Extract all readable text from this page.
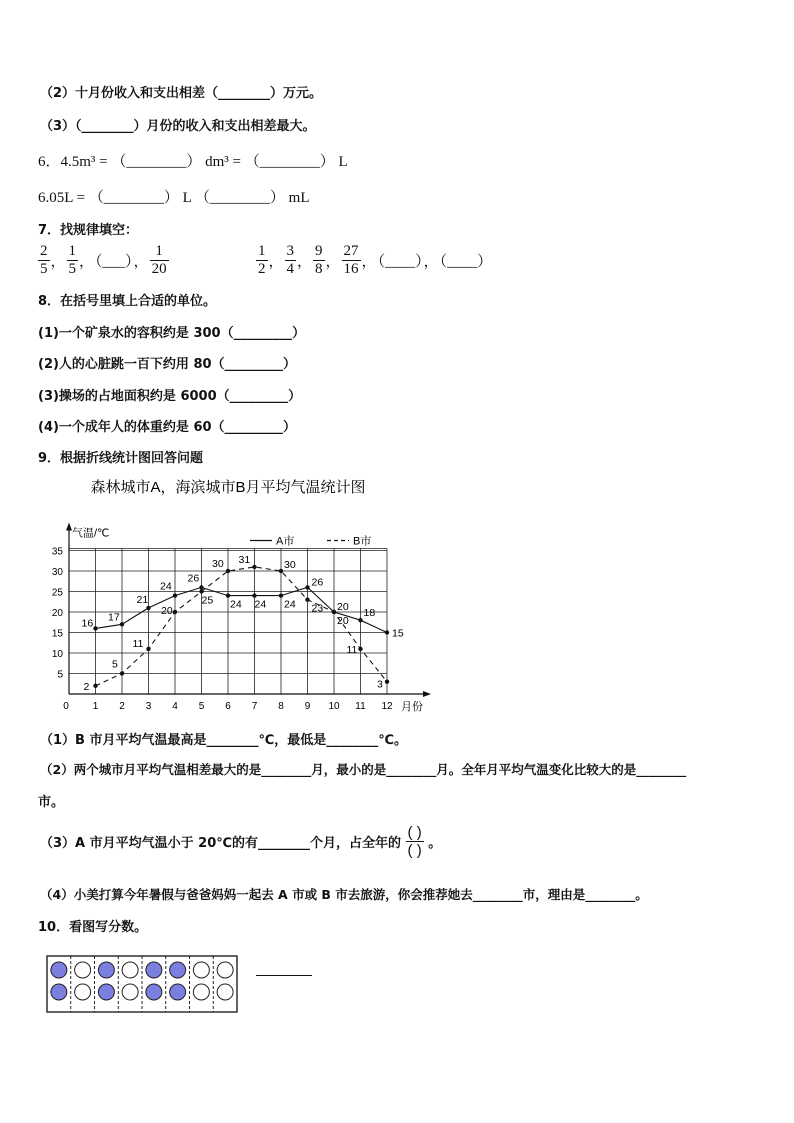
（2）十月份收入和支出相差（________）万元。
（3）（________）月份的收入和支出相差最大。
6．4.5m³ = （________） dm³ = （________） L
6.05L = （________） L （________） mL
7．找规律填空：
$\frac{2}{5}$ ， $\frac{1}{5}$ ，（___）， $\frac{1}{20}$	$\frac{1}{2}$ ， $\frac{3}{4}$ ， $\frac{9}{8}$ ， $\frac{27}{16}$ ，（____），（____）
8．在括号里填上合适的单位。
(1)一个矿泉水的容积约是 300（_________）
(2)人的心脏跳一百下约用 80（_________）
(3)操场的占地面积约是 6000（_________）
(4)一个成年人的体重约是 60（_________）
9．根据折线统计图回答问题
森林城市A，海滨城市B月平均气温统计图
气温/℃
月份
0 1 2 3 4 5 6 7 8 9 10 11 12
5
10
15
20
25
30
35
A市	B市
16
17
21
24
26
24 24 24
26
20
18
15
2
5
11
20
25
30 31	30
23
20
11
3
（1）B 市月平均气温最高是________℃，最低是________℃。
（2）两个城市月平均气温相差最大的是________月，最小的是________月。全年月平均气温变化比较大的是________
市。
（3）A 市月平均气温小于 20℃的有________个月，占全年的 $\frac{( )}{( )}$ 。
（4）小美打算今年暑假与爸爸妈妈一起去 A 市或 B 市去旅游，你会推荐她去________市，理由是________。
10．看图写分数。
